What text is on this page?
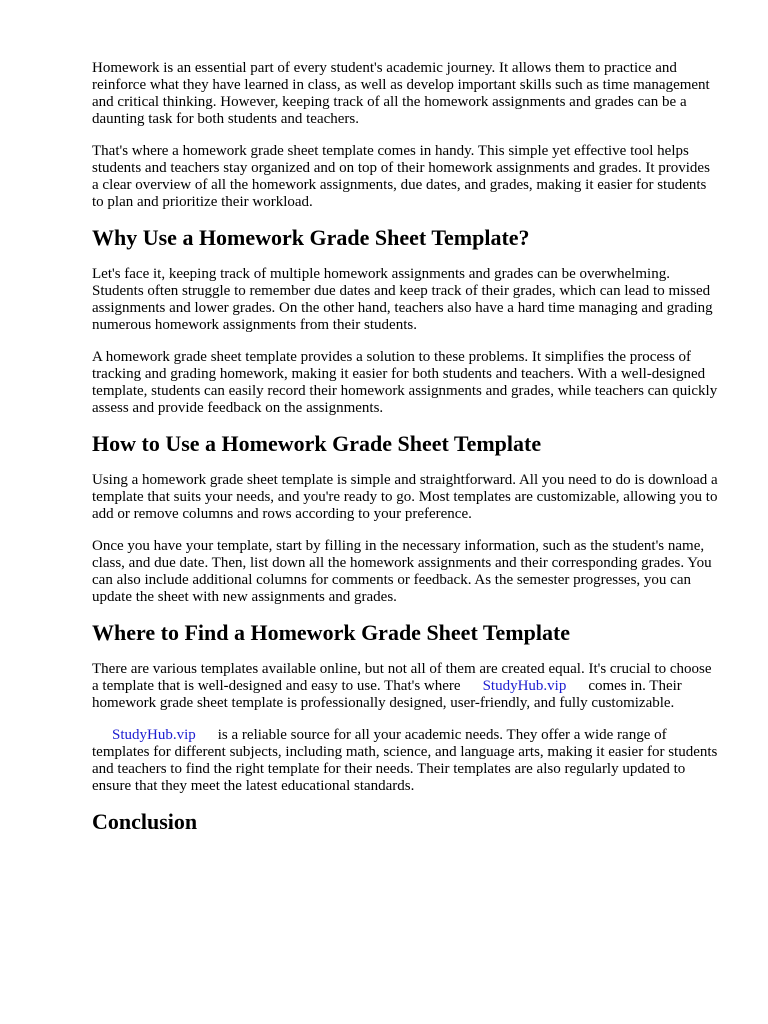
Homework is an essential part of every student's academic journey. It allows them to practice and reinforce what they have learned in class, as well as develop important skills such as time management and critical thinking. However, keeping track of all the homework assignments and grades can be a daunting task for both students and teachers.

That's where a homework grade sheet template comes in handy. This simple yet effective tool helps students and teachers stay organized and on top of their homework assignments and grades. It provides a clear overview of all the homework assignments, due dates, and grades, making it easier for students to plan and prioritize their workload.

Why Use a Homework Grade Sheet Template?

Let's face it, keeping track of multiple homework assignments and grades can be overwhelming. Students often struggle to remember due dates and keep track of their grades, which can lead to missed assignments and lower grades. On the other hand, teachers also have a hard time managing and grading numerous homework assignments from their students.

A homework grade sheet template provides a solution to these problems. It simplifies the process of tracking and grading homework, making it easier for both students and teachers. With a well-designed template, students can easily record their homework assignments and grades, while teachers can quickly assess and provide feedback on the assignments.

How to Use a Homework Grade Sheet Template

Using a homework grade sheet template is simple and straightforward. All you need to do is download a template that suits your needs, and you're ready to go. Most templates are customizable, allowing you to add or remove columns and rows according to your preference.

Once you have your template, start by filling in the necessary information, such as the student's name, class, and due date. Then, list down all the homework assignments and their corresponding grades. You can also include additional columns for comments or feedback. As the semester progresses, you can update the sheet with new assignments and grades.

Where to Find a Homework Grade Sheet Template

There are various templates available online, but not all of them are created equal. It's crucial to choose a template that is well-designed and easy to use. That's where StudyHub.vip comes in. Their homework grade sheet template is professionally designed, user-friendly, and fully customizable.

StudyHub.vip is a reliable source for all your academic needs. They offer a wide range of templates for different subjects, including math, science, and language arts, making it easier for students and teachers to find the right template for their needs. Their templates are also regularly updated to ensure that they meet the latest educational standards.

Conclusion
